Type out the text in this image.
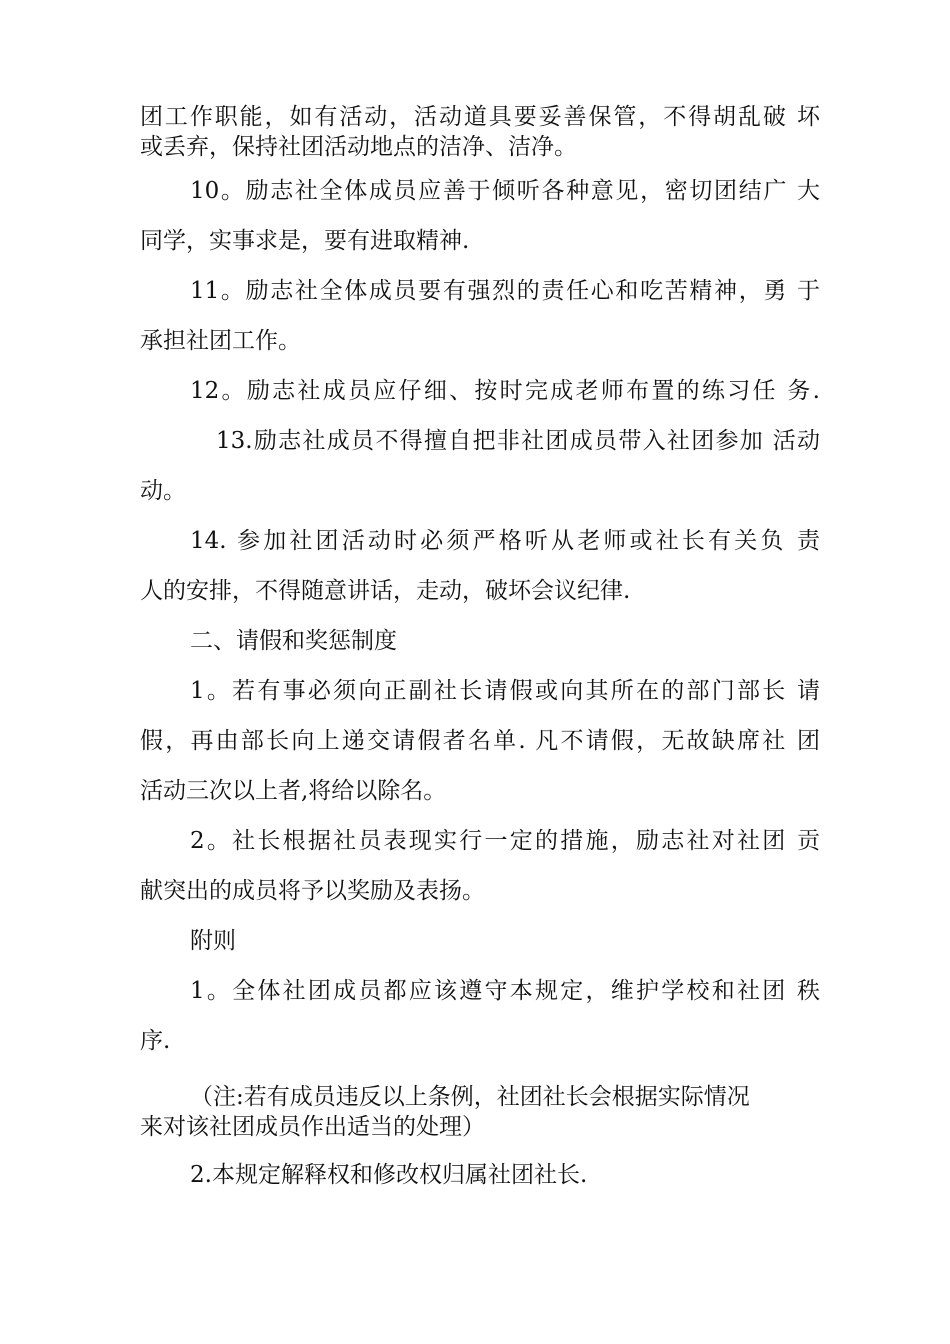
团工作职能，如有活动，活动道具要妥善保管，不得胡乱破 坏
或丢弃，保持社团活动地点的洁净、洁净。
10。励志社全体成员应善于倾听各种意见，密切团结广 大
同学，实事求是，要有进取精神.
11。励志社全体成员要有强烈的责任心和吃苦精神，勇 于
承担社团工作。
12。励志社成员应仔细、按时完成老师布置的练习任 务.
13.励志社成员不得擅自把非社团成员带入社团参加 活动
动。
14. 参加社团活动时必须严格听从老师或社长有关负 责
人的安排，不得随意讲话，走动，破坏会议纪律.
二、请假和奖惩制度
1。若有事必须向正副社长请假或向其所在的部门部长 请
假，再由部长向上递交请假者名单. 凡不请假，无故缺席社 团
活动三次以上者,将给以除名。
2。社长根据社员表现实行一定的措施，励志社对社团 贡
献突出的成员将予以奖励及表扬。
附则
1。全体社团成员都应该遵守本规定，维护学校和社团 秩
序.
（注:若有成员违反以上条例，社团社长会根据实际情况
来对该社团成员作出适当的处理）
2.本规定解释权和修改权归属社团社长.
